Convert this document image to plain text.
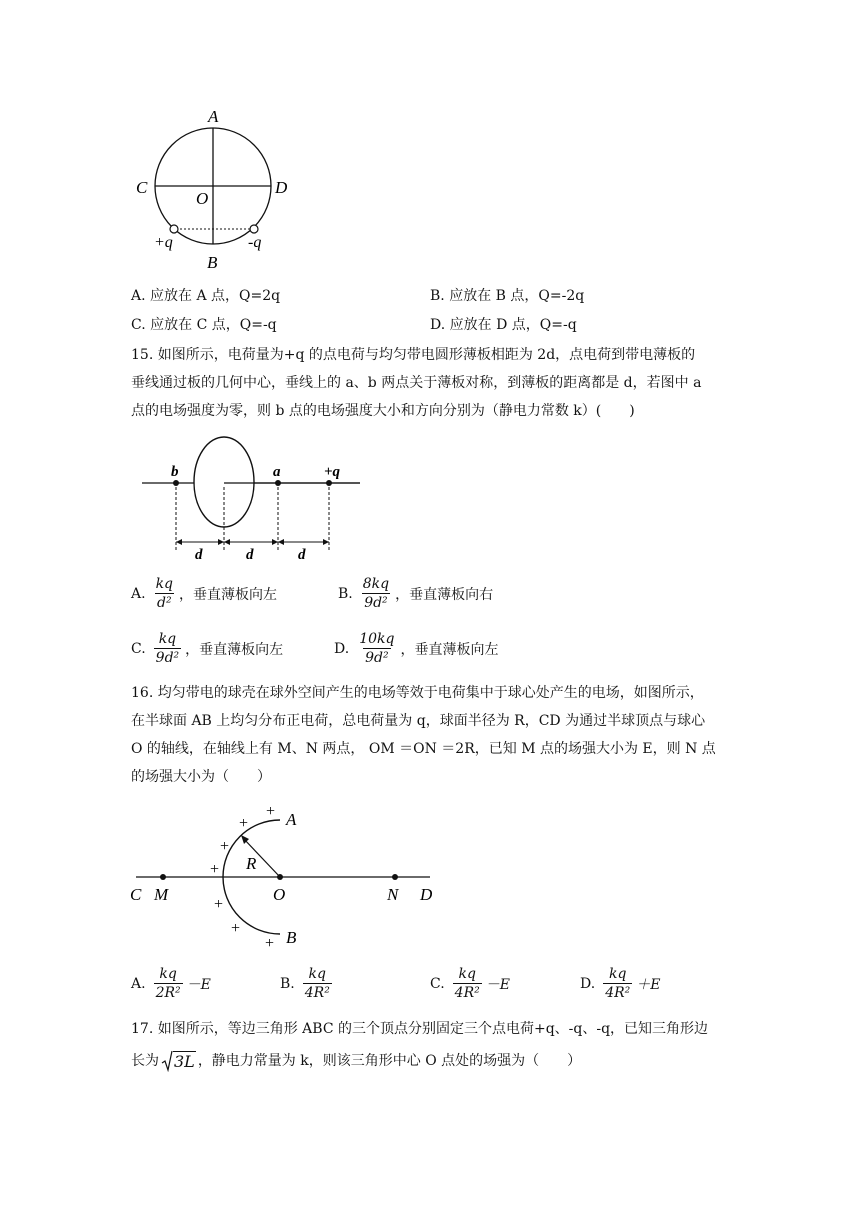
A
C	D
O
+q	-q
B
A. 应放在 A 点，Q=2q	B. 应放在 B 点，Q=-2q
C. 应放在 C 点，Q=-q	D. 应放在 D 点，Q=-q
15. 如图所示，电荷量为+q 的点电荷与均匀带电圆形薄板相距为 2d，点电荷到带电薄板的
垂线通过板的几何中心，垂线上的 a、b 两点关于薄板对称，到薄板的距离都是 d，若图中 a
点的电场强度为零，则 b 点的电场强度大小和方向分别为（静电力常数 k）(　　)
b	a	+q
d	d	d
A. $\frac{kq}{\text{d²}}$ ，垂直薄板向左	B. $\frac{8kq}{\text{9d²}}$ ，垂直薄板向右
C. $\frac{kq}{\text{9d²}}$ ，垂直薄板向左	D. $\frac{10kq}{\text{9d²}}$ ，垂直薄板向左
16. 均匀带电的球壳在球外空间产生的电场等效于电荷集中于球心处产生的电场，如图所示，
在半球面 AB 上均匀分布正电荷，总电荷量为 q，球面半径为 R，CD 为通过半球顶点与球心
O 的轴线，在轴线上有 M、N 两点， OM ＝ON ＝2R，已知 M 点的场强大小为 E，则 N 点
的场强大小为（　　）
A
B
R
C M	O	N D
+
+
+
+
+
+
+
A. $\frac{kq}{\text{2R²}} -E$	B. $\frac{kq}{\text{4R²}}$	C. $\frac{kq}{\text{4R²}} -E$	D. $\frac{kq}{\text{4R²}} +E$
17. 如图所示，等边三角形 ABC 的三个顶点分别固定三个点电荷+q、-q、-q，已知三角形边
长为 3L ，静电力常量为 k，则该三角形中心 O 点处的场强为（　　）
